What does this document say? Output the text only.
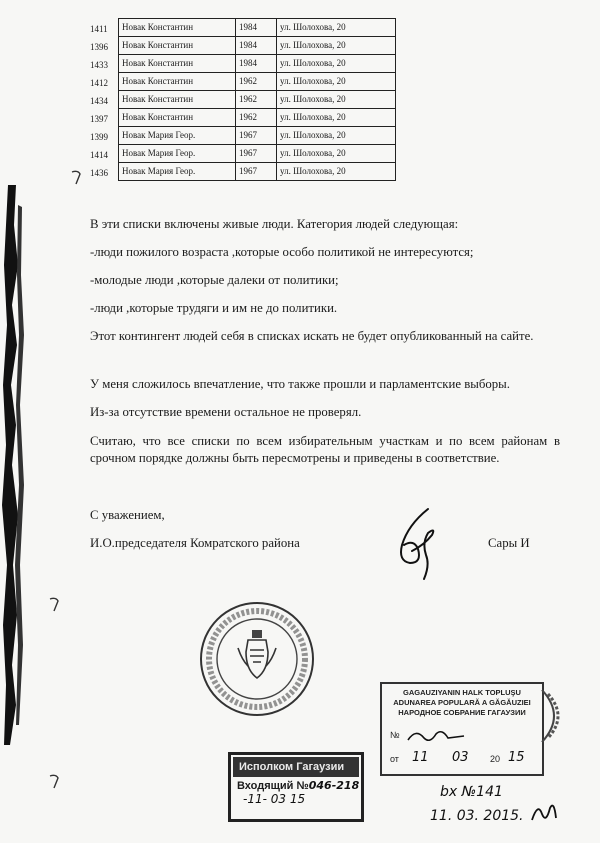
1411	Новак Константин	1984	ул. Шолохова, 20
1396	Новак Константин	1984	ул. Шолохова, 20
1433	Новак Константин	1984	ул. Шолохова, 20
1412	Новак Константин	1962	ул. Шолохова, 20
1434	Новак Константин	1962	ул. Шолохова, 20
1397	Новак Константин	1962	ул. Шолохова, 20
1399	Новак Мария Геор.	1967	ул. Шолохова, 20
1414	Новак Мария Геор.	1967	ул. Шолохова, 20
1436	Новак Мария Геор.	1967	ул. Шолохова, 20
В эти списки включены живые люди. Категория людей следующая:
-люди пожилого возраста ,которые особо политикой не интересуются;
-молодые люди ,которые далеки от политики;
-люди ,которые трудяги и им не до политики.
Этот контингент людей себя в списках искать не будет опубликованный на сайте.
У меня сложилось впечатление, что также прошли и парламентские выборы.
Из-за отсутствие времени остальное не проверял.
Считаю, что все списки по всем избирательным участкам и по всем районам в срочном порядке должны быть пересмотрены и приведены в соответствие.
С уважением,
И.О.председателя Комратского района	Сары И
GAGAUZIYANIN HALK TOPLUŞU
ADUNAREA POPULARĂ A GĂGĂUZIEI
НАРОДНОЕ СОБРАНИЕ ГАГАУЗИИ
№
от 11 03 20 15
Исполком Гагаузии
Входящий №046-218
-11- 03 15	bx №141
11. 03. 2015.
